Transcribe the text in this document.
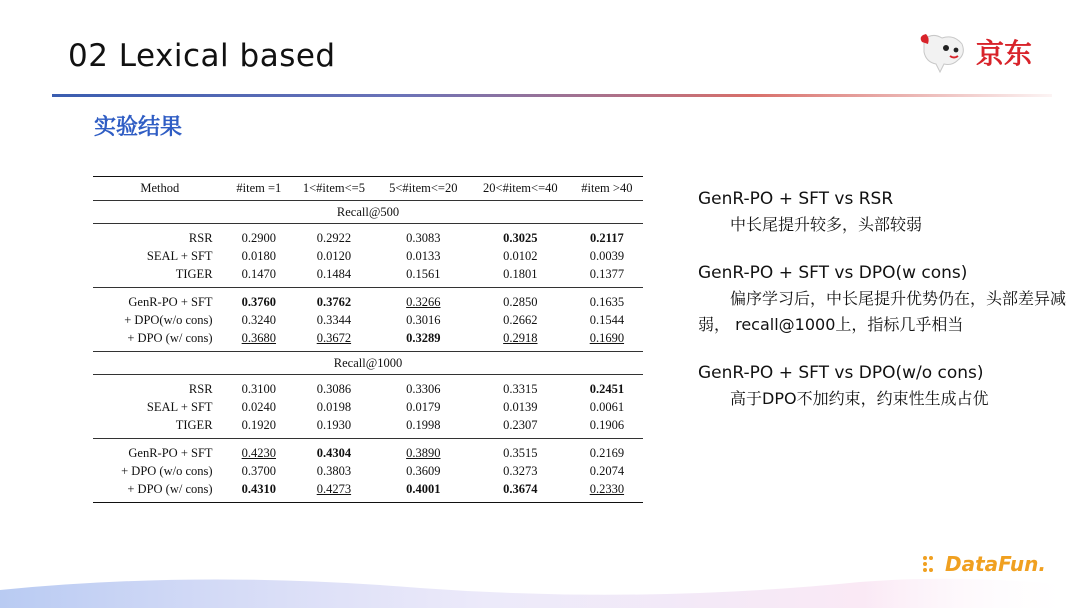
02 Lexical based	京东
实验结果
Method	#item =1	1<#item<=5	5<#item<=20	20<#item<=40	#item >40
Recall@500					
RSR	0.2900	0.2922	0.3083	0.3025	0.2117
SEAL + SFT	0.0180	0.0120	0.0133	0.0102	0.0039
TIGER	0.1470	0.1484	0.1561	0.1801	0.1377
GenR-PO + SFT	0.3760	0.3762	0.3266	0.2850	0.1635
+ DPO(w/o cons)	0.3240	0.3344	0.3016	0.2662	0.1544
+ DPO (w/ cons)	0.3680	0.3672	0.3289	0.2918	0.1690
Recall@1000					
RSR	0.3100	0.3086	0.3306	0.3315	0.2451
SEAL + SFT	0.0240	0.0198	0.0179	0.0139	0.0061
TIGER	0.1920	0.1930	0.1998	0.2307	0.1906
GenR-PO + SFT	0.4230	0.4304	0.3890	0.3515	0.2169
+ DPO (w/o cons)	0.3700	0.3803	0.3609	0.3273	0.2074
+ DPO (w/ cons)	0.4310	0.4273	0.4001	0.3674	0.2330
GenR-PO + SFT vs RSR
中长尾提升较多，头部较弱
GenR-PO + SFT vs DPO(w cons)
偏序学习后，中长尾提升优势仍在，头部差异减弱， recall@1000上，指标几乎相当
GenR-PO + SFT vs DPO(w/o cons)
高于DPO不加约束，约束性生成占优
DataFun.
